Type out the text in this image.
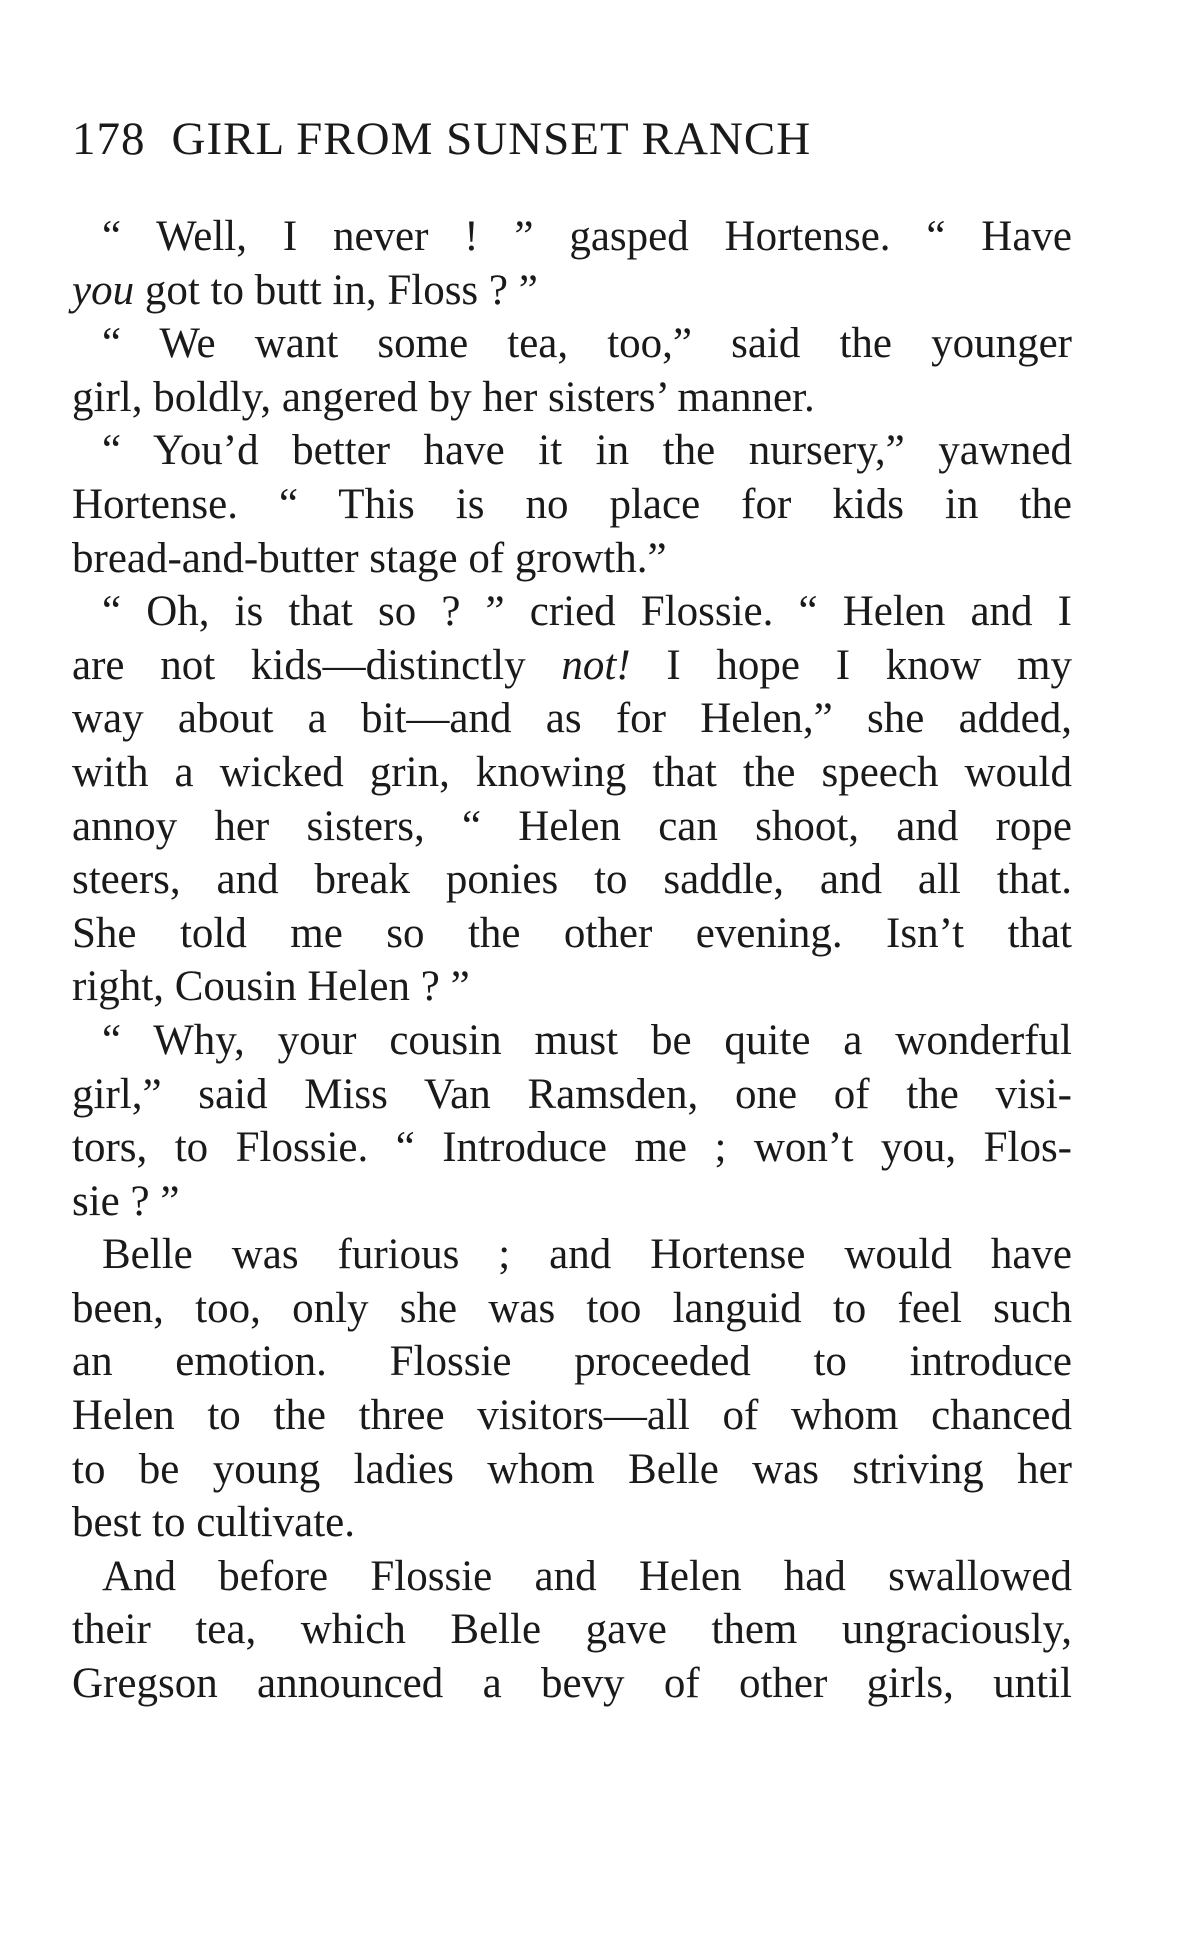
178 GIRL FROM SUNSET RANCH
“ Well, I never ! ” gasped Hortense. “ Have
you got to butt in, Floss ? ”
“ We want some tea, too,” said the younger
girl, boldly, angered by her sisters’ manner.
“ You’d better have it in the nursery,” yawned
Hortense. “ This is no place for kids in the
bread-and-butter stage of growth.”
“ Oh, is that so ? ” cried Flossie. “ Helen and I
are not kids—distinctly not! I hope I know my
way about a bit—and as for Helen,” she added,
with a wicked grin, knowing that the speech would
annoy her sisters, “ Helen can shoot, and rope
steers, and break ponies to saddle, and all that.
She told me so the other evening. Isn’t that
right, Cousin Helen ? ”
“ Why, your cousin must be quite a wonderful
girl,” said Miss Van Ramsden, one of the visi-
tors, to Flossie. “ Introduce me ; won’t you, Flos-
sie ? ”
Belle was furious ; and Hortense would have
been, too, only she was too languid to feel such
an emotion. Flossie proceeded to introduce
Helen to the three visitors—all of whom chanced
to be young ladies whom Belle was striving her
best to cultivate.
And before Flossie and Helen had swallowed
their tea, which Belle gave them ungraciously,
Gregson announced a bevy of other girls, until
